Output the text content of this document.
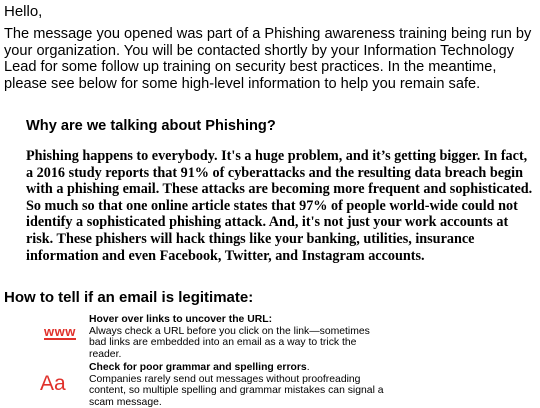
Hello,
The message you opened was part of a Phishing awareness training being run by your organization. You will be contacted shortly by your Information Technology Lead for some follow up training on security best practices. In the meantime, please see below for some high-level information to help you remain safe.
Why are we talking about Phishing?
Phishing happens to everybody. It's a huge problem, and it’s getting bigger. In fact, a 2016 study reports that 91% of cyberattacks and the resulting data breach begin with a phishing email. These attacks are becoming more frequent and sophisticated. So much so that one online article states that 97% of people world-wide could not identify a sophisticated phishing attack. And, it's not just your work accounts at risk. These phishers will hack things like your banking, utilities, insurance information and even Facebook, Twitter, and Instagram accounts.
How to tell if an email is legitimate:
www
Hover over links to uncover the URL:
Always check a URL before you click on the link—sometimes bad links are embedded into an email as a way to trick the reader.
Aa
Check for poor grammar and spelling errors.
Companies rarely send out messages without proofreading content, so multiple spelling and grammar mistakes can signal a scam message.
